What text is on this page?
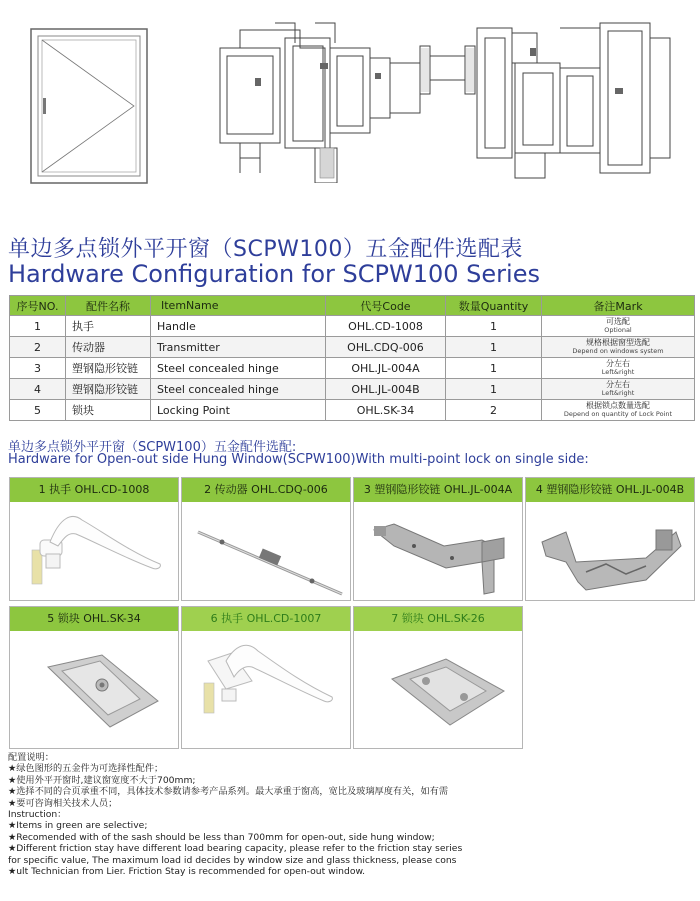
单边多点锁外平开窗（SCPW100）五金配件选配表
Hardware Configuration for SCPW100 Series
序号NO.	配件名称	ItemName	代号Code	数量Quantity	备注Mark
1	执手	Handle	OHL.CD-1008	1	可选配
Optional

2	传动器	Transmitter	OHL.CDQ-006	1	规格根据窗型选配
Depend on windows system

3	塑钢隐形铰链	Steel concealed hinge	OHL.JL-004A	1	分左右
Left&right

4	塑钢隐形铰链	Steel concealed hinge	OHL.JL-004B	1	分左右
Left&right

5	锁块	Locking Point	OHL.SK-34	2	根据锁点数量选配
Depend on quantity of Lock Point
单边多点锁外平开窗（SCPW100）五金配件选配:
Hardware for Open-out side Hung Window(SCPW100)With multi-point lock on single side:
1 执手 OHL.CD-1008	2 传动器 OHL.CDQ-006	3 塑钢隐形铰链 OHL.JL-004A	4 塑钢隐形铰链 OHL.JL-004B
5 锁块 OHL.SK-34	6 执手 OHL.CD-1007	7 锁块 OHL.SK-26
配置说明：
★绿色图形的五金件为可选择性配件；
★使用外平开窗时,建议窗宽度不大于700mm;
★选择不同的合页承重不同，具体技术参数请参考产品系列。最大承重于窗高，宽比及玻璃厚度有关，如有需
★要可咨询相关技术人员；
Instruction：
★Items in green are selective;
★Recomended with of the sash should be less than 700mm for open-out, side hung window;
★Different friction stay have different load bearing capacity, please refer to the friction stay series
for specific value, The maximum load id decides by window size and glass thickness, please cons
★ult Technician from Lier. Friction Stay is recommended for open-out window.
